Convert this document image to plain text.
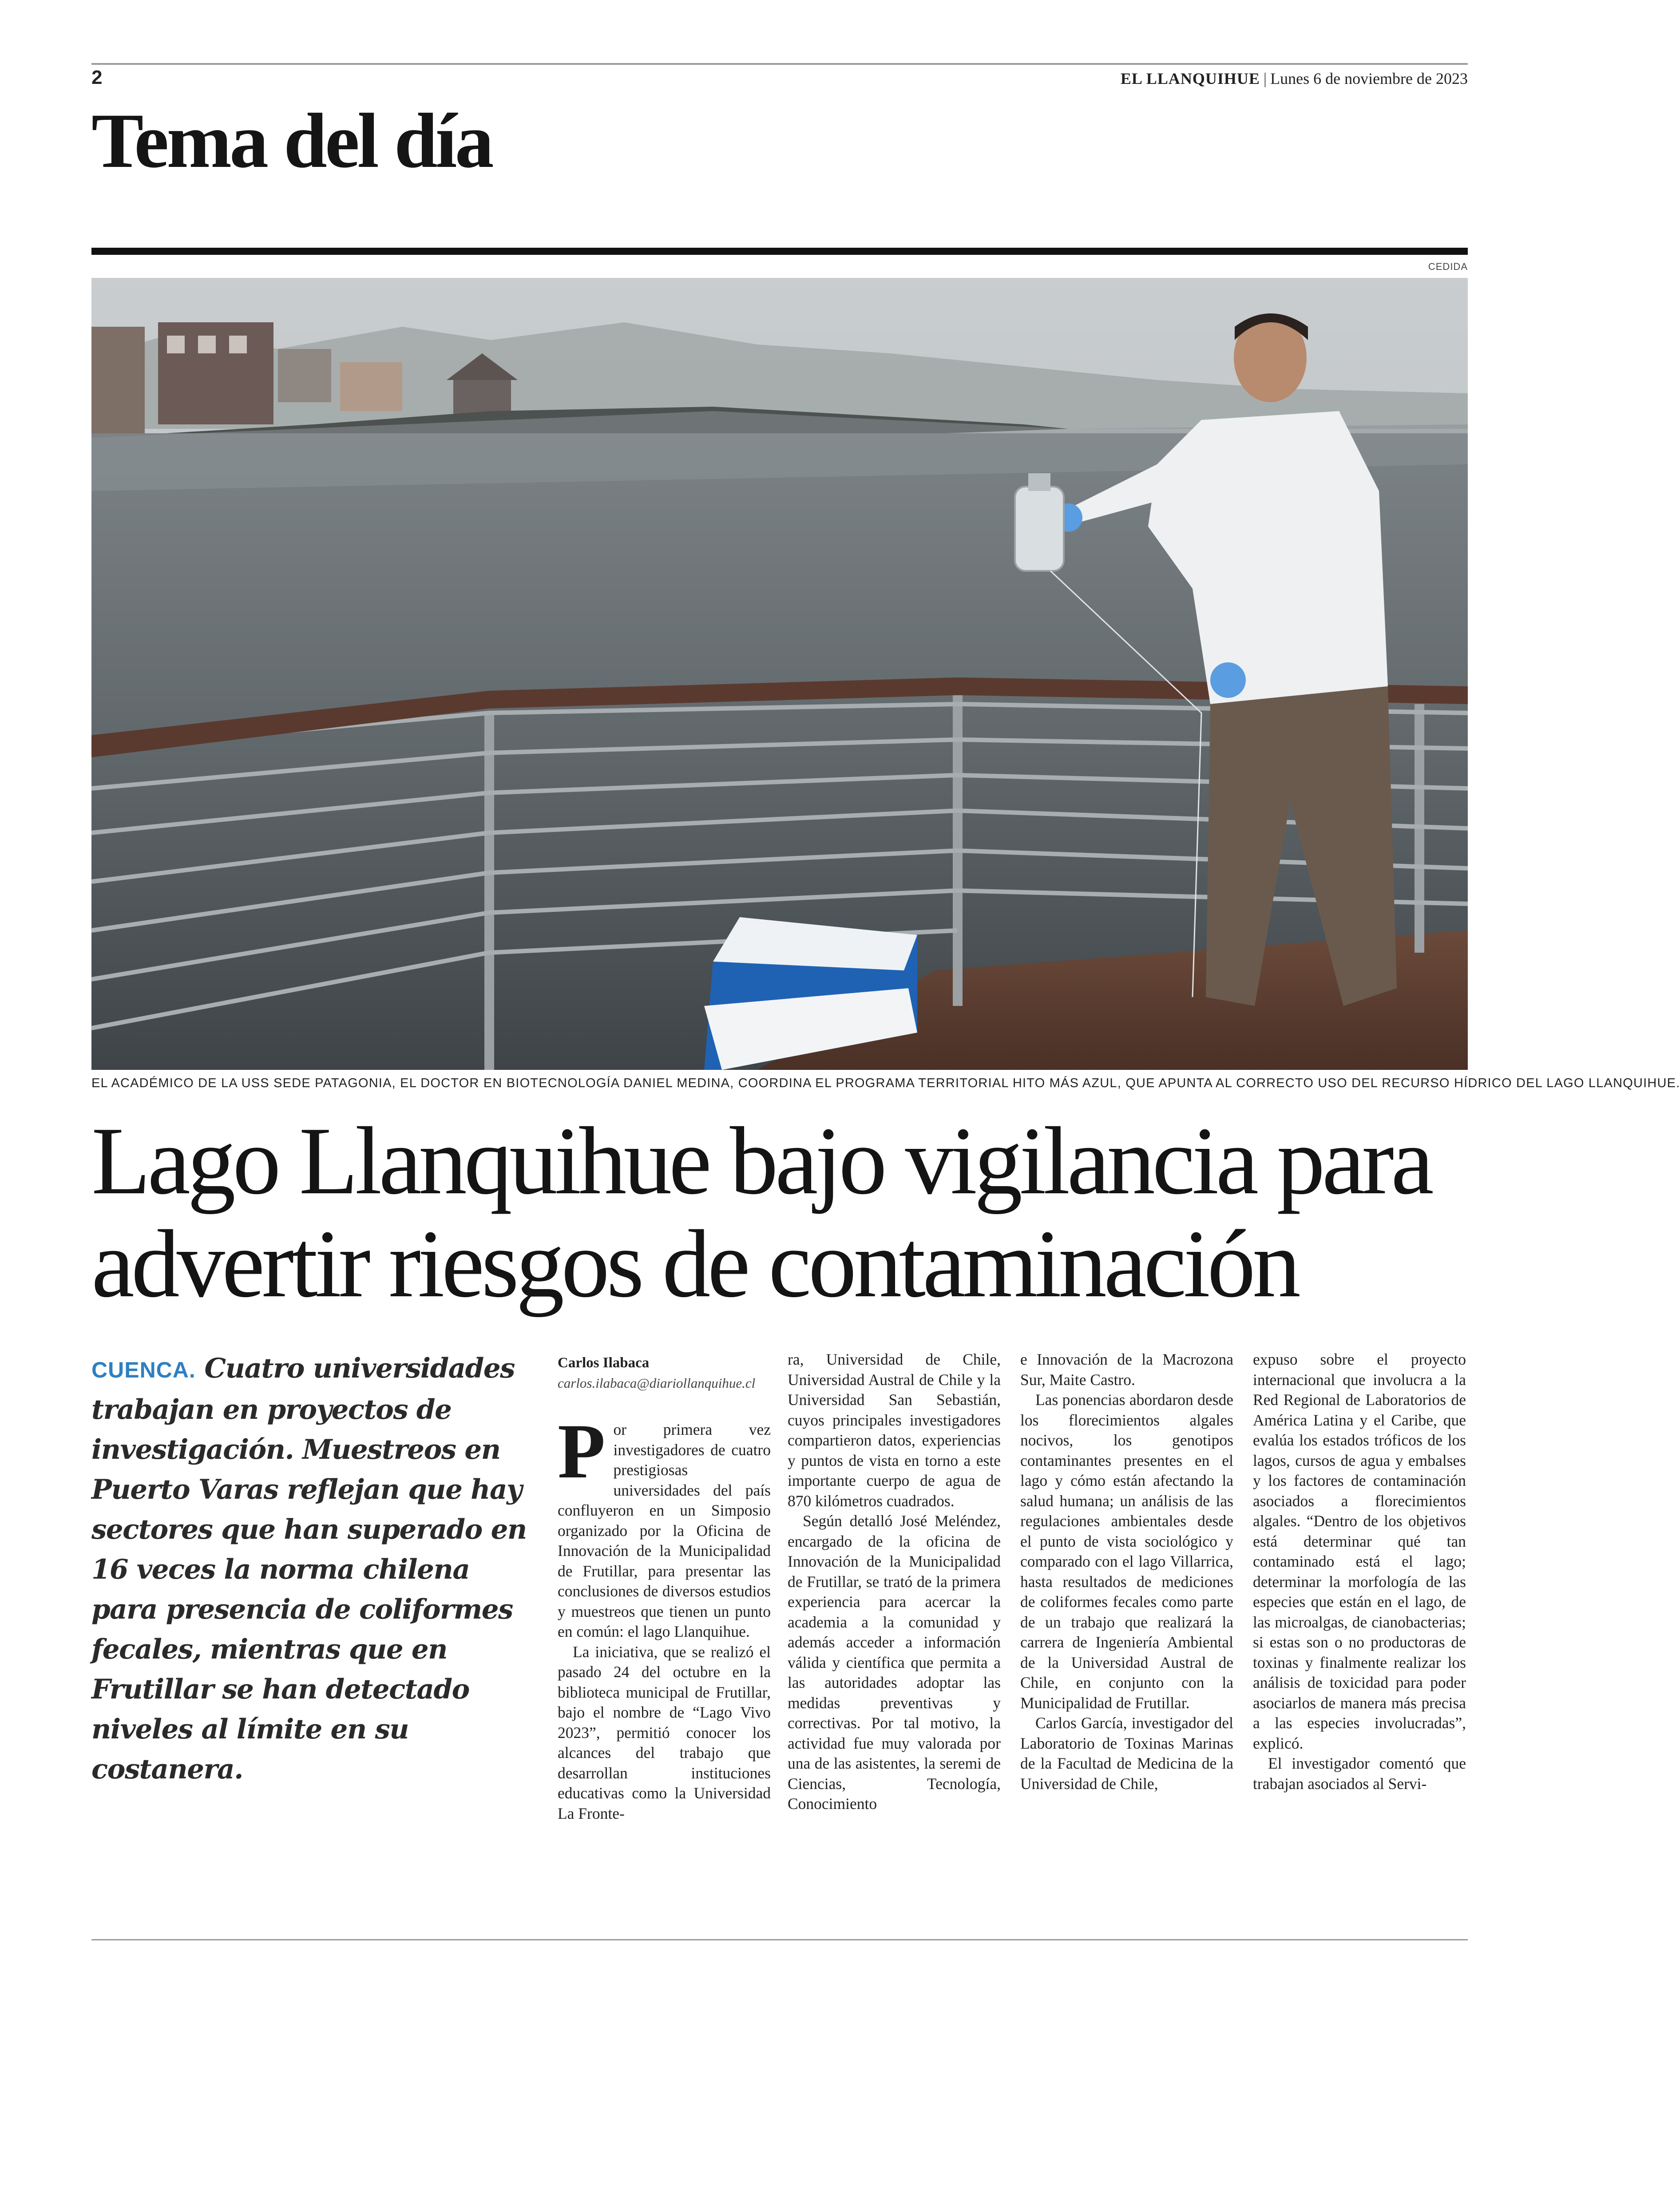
2	EL LLANQUIHUE | Lunes 6 de noviembre de 2023
Tema del día
CEDIDA
EL ACADÉMICO DE LA USS SEDE PATAGONIA, EL DOCTOR EN BIOTECNOLOGÍA DANIEL MEDINA, COORDINA EL PROGRAMA TERRITORIAL HITO MÁS AZUL, QUE APUNTA AL CORRECTO USO DEL RECURSO HÍDRICO DEL LAGO LLANQUIHUE.
Lago Llanquihue bajo vigilancia para
advertir riesgos de contaminación
CUENCA. Cuatro universidades trabajan en proyectos de investigación. Muestreos en Puerto Varas reflejan que hay sectores que han superado en 16 veces la norma chilena para presencia de coliformes fecales, mientras que en Frutillar se han detectado niveles al límite en su costanera.
Carlos Ilabaca
carlos.ilabaca@diariollanquihue.cl

Por primera vez investigadores de cuatro prestigiosas universidades del país confluyeron en un Simposio organizado por la Oficina de Innovación de la Municipalidad de Frutillar, para presentar las conclusiones de diversos estudios y muestreos que tienen un punto en común: el lago Llanquihue.

La iniciativa, que se realizó el pasado 24 del octubre en la biblioteca municipal de Frutillar, bajo el nombre de “Lago Vivo 2023”, permitió conocer los alcances del trabajo que desarrollan instituciones educativas como la Universidad La Fronte-

ra, Universidad de Chile, Universidad Austral de Chile y la Universidad San Sebastián, cuyos principales investigadores compartieron datos, experiencias y puntos de vista en torno a este importante cuerpo de agua de 870 kilómetros cuadrados.

Según detalló José Meléndez, encargado de la oficina de Innovación de la Municipalidad de Frutillar, se trató de la primera experiencia para acercar la academia a la comunidad y además acceder a información válida y científica que permita a las autoridades adoptar las medidas preventivas y correctivas. Por tal motivo, la actividad fue muy valorada por una de las asistentes, la seremi de Ciencias, Tecnología, Conocimiento

e Innovación de la Macrozona Sur, Maite Castro.

Las ponencias abordaron desde los florecimientos algales nocivos, los genotipos contaminantes presentes en el lago y cómo están afectando la salud humana; un análisis de las regulaciones ambientales desde el punto de vista sociológico y comparado con el lago Villarrica, hasta resultados de mediciones de coliformes fecales como parte de un trabajo que realizará la carrera de Ingeniería Ambiental de la Universidad Austral de Chile, en conjunto con la Municipalidad de Frutillar.

Carlos García, investigador del Laboratorio de Toxinas Marinas de la Facultad de Medicina de la Universidad de Chile,

expuso sobre el proyecto internacional que involucra a la Red Regional de Laboratorios de América Latina y el Caribe, que evalúa los estados tróficos de los lagos, cursos de agua y embalses y los factores de contaminación asociados a florecimientos algales. “Dentro de los objetivos está determinar qué tan contaminado está el lago; determinar la morfología de las especies que están en el lago, de las microalgas, de cianobacterias; si estas son o no productoras de toxinas y finalmente realizar los análisis de toxicidad para poder asociarlos de manera más precisa a las especies involucradas”, explicó.

El investigador comentó que trabajan asociados al Servi-
